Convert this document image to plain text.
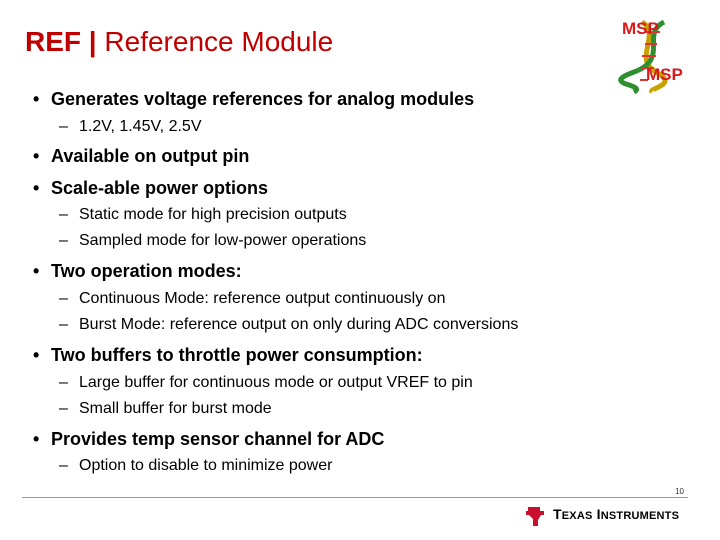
REF | Reference Module	MSP
MSP
• Generates voltage references for analog modules
– 1.2V, 1.45V, 2.5V
• Available on output pin
• Scale-able power options
– Static mode for high precision outputs
– Sampled mode for low-power operations
• Two operation modes:
– Continuous Mode: reference output continuously on
– Burst Mode: reference output on only during ADC conversions
• Two buffers to throttle power consumption:
– Large buffer for continuous mode or output VREF to pin
– Small buffer for burst mode
• Provides temp sensor channel for ADC
– Option to disable to minimize power
10
TEXAS INSTRUMENTS
